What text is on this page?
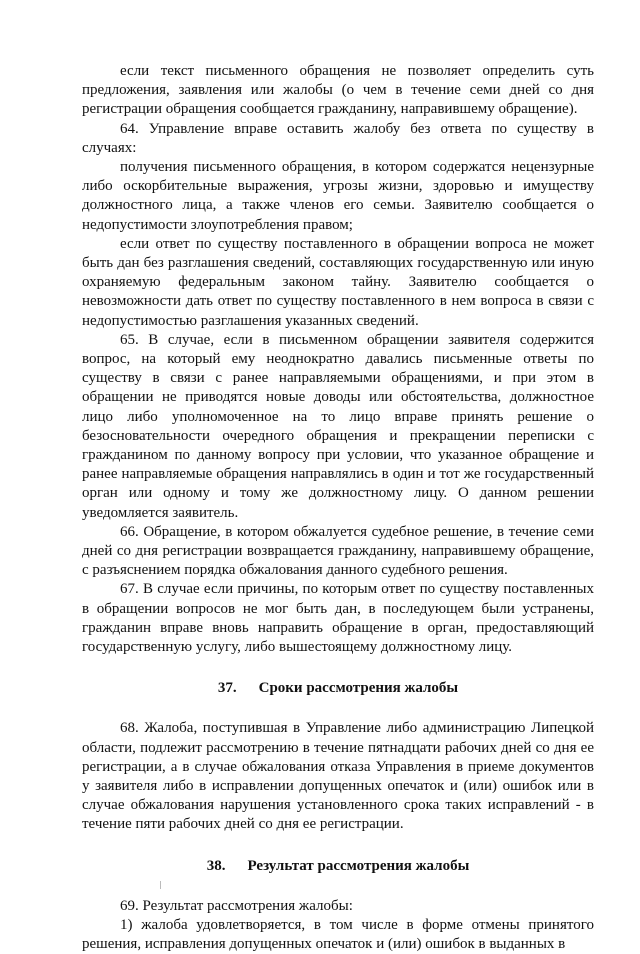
если текст письменного обращения не позволяет определить суть предложения, заявления или жалобы (о чем в течение семи дней со дня регистрации обращения сообщается гражданину, направившему обращение).

64. Управление вправе оставить жалобу без ответа по существу в случаях:

получения письменного обращения, в котором содержатся нецензурные либо оскорбительные выражения, угрозы жизни, здоровью и имуществу должностного лица, а также членов его семьи. Заявителю сообщается о недопустимости злоупотребления правом;

если ответ по существу поставленного в обращении вопроса не может быть дан без разглашения сведений, составляющих государственную или иную охраняемую федеральным законом тайну. Заявителю сообщается о невозможности дать ответ по существу поставленного в нем вопроса в связи с недопустимостью разглашения указанных сведений.

65. В случае, если в письменном обращении заявителя содержится вопрос, на который ему неоднократно давались письменные ответы по существу в связи с ранее направляемыми обращениями, и при этом в обращении не приводятся новые доводы или обстоятельства, должностное лицо либо уполномоченное на то лицо вправе принять решение о безосновательности очередного обращения и прекращении переписки с гражданином по данному вопросу при условии, что указанное обращение и ранее направляемые обращения направлялись в один и тот же государственный орган или одному и тому же должностному лицу. О данном решении уведомляется заявитель.

66. Обращение, в котором обжалуется судебное решение, в течение семи дней со дня регистрации возвращается гражданину, направившему обращение, с разъяснением порядка обжалования данного судебного решения.

67. В случае если причины, по которым ответ по существу поставленных в обращении вопросов не мог быть дан, в последующем были устранены, гражданин вправе вновь направить обращение в орган, предоставляющий государственную услугу, либо вышестоящему должностному лицу.

37. Сроки рассмотрения жалобы

68. Жалоба, поступившая в Управление либо администрацию Липецкой области, подлежит рассмотрению в течение пятнадцати рабочих дней со дня ее регистрации, а в случае обжалования отказа Управления в приеме документов у заявителя либо в исправлении допущенных опечаток и (или) ошибок или в случае обжалования нарушения установленного срока таких исправлений - в течение пяти рабочих дней со дня ее регистрации.

38. Результат рассмотрения жалобы

69. Результат рассмотрения жалобы:

1) жалоба удовлетворяется, в том числе в форме отмены принятого решения, исправления допущенных опечаток и (или) ошибок в выданных в
